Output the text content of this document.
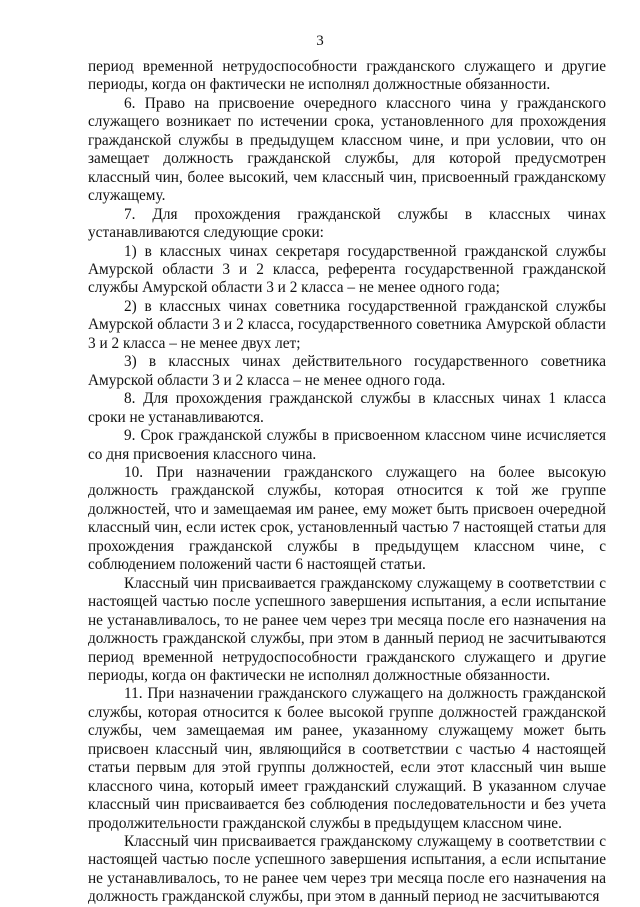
3

период временной нетрудоспособности гражданского служащего и другие периоды, когда он фактически не исполнял должностные обязанности.

6. Право на присвоение очередного классного чина у гражданского служащего возникает по истечении срока, установленного для прохождения гражданской службы в предыдущем классном чине, и при условии, что он замещает должность гражданской службы, для которой предусмотрен классный чин, более высокий, чем классный чин, присвоенный гражданскому служащему.

7. Для прохождения гражданской службы в классных чинах устанавливаются следующие сроки:

1) в классных чинах секретаря государственной гражданской службы Амурской области 3 и 2 класса, референта государственной гражданской службы Амурской области 3 и 2 класса – не менее одного года;

2) в классных чинах советника государственной гражданской службы Амурской области 3 и 2 класса, государственного советника Амурской области 3 и 2 класса – не менее двух лет;

3) в классных чинах действительного государственного советника Амурской области 3 и 2 класса – не менее одного года.

8. Для прохождения гражданской службы в классных чинах 1 класса сроки не устанавливаются.

9. Срок гражданской службы в присвоенном классном чине исчисляется со дня присвоения классного чина.

10. При назначении гражданского служащего на более высокую должность гражданской службы, которая относится к той же группе должностей, что и замещаемая им ранее, ему может быть присвоен очередной классный чин, если истек срок, установленный частью 7 настоящей статьи для прохождения гражданской службы в предыдущем классном чине, с соблюдением положений части 6 настоящей статьи.

Классный чин присваивается гражданскому служащему в соответствии с настоящей частью после успешного завершения испытания, а если испытание не устанавливалось, то не ранее чем через три месяца после его назначения на должность гражданской службы, при этом в данный период не засчитываются период временной нетрудоспособности гражданского служащего и другие периоды, когда он фактически не исполнял должностные обязанности.

11. При назначении гражданского служащего на должность гражданской службы, которая относится к более высокой группе должностей гражданской службы, чем замещаемая им ранее, указанному служащему может быть присвоен классный чин, являющийся в соответствии с частью 4 настоящей статьи первым для этой группы должностей, если этот классный чин выше классного чина, который имеет гражданский служащий. В указанном случае классный чин присваивается без соблюдения последовательности и без учета продолжительности гражданской службы в предыдущем классном чине.

Классный чин присваивается гражданскому служащему в соответствии с настоящей частью после успешного завершения испытания, а если испытание не устанавливалось, то не ранее чем через три месяца после его назначения на должность гражданской службы, при этом в данный период не засчитываются
